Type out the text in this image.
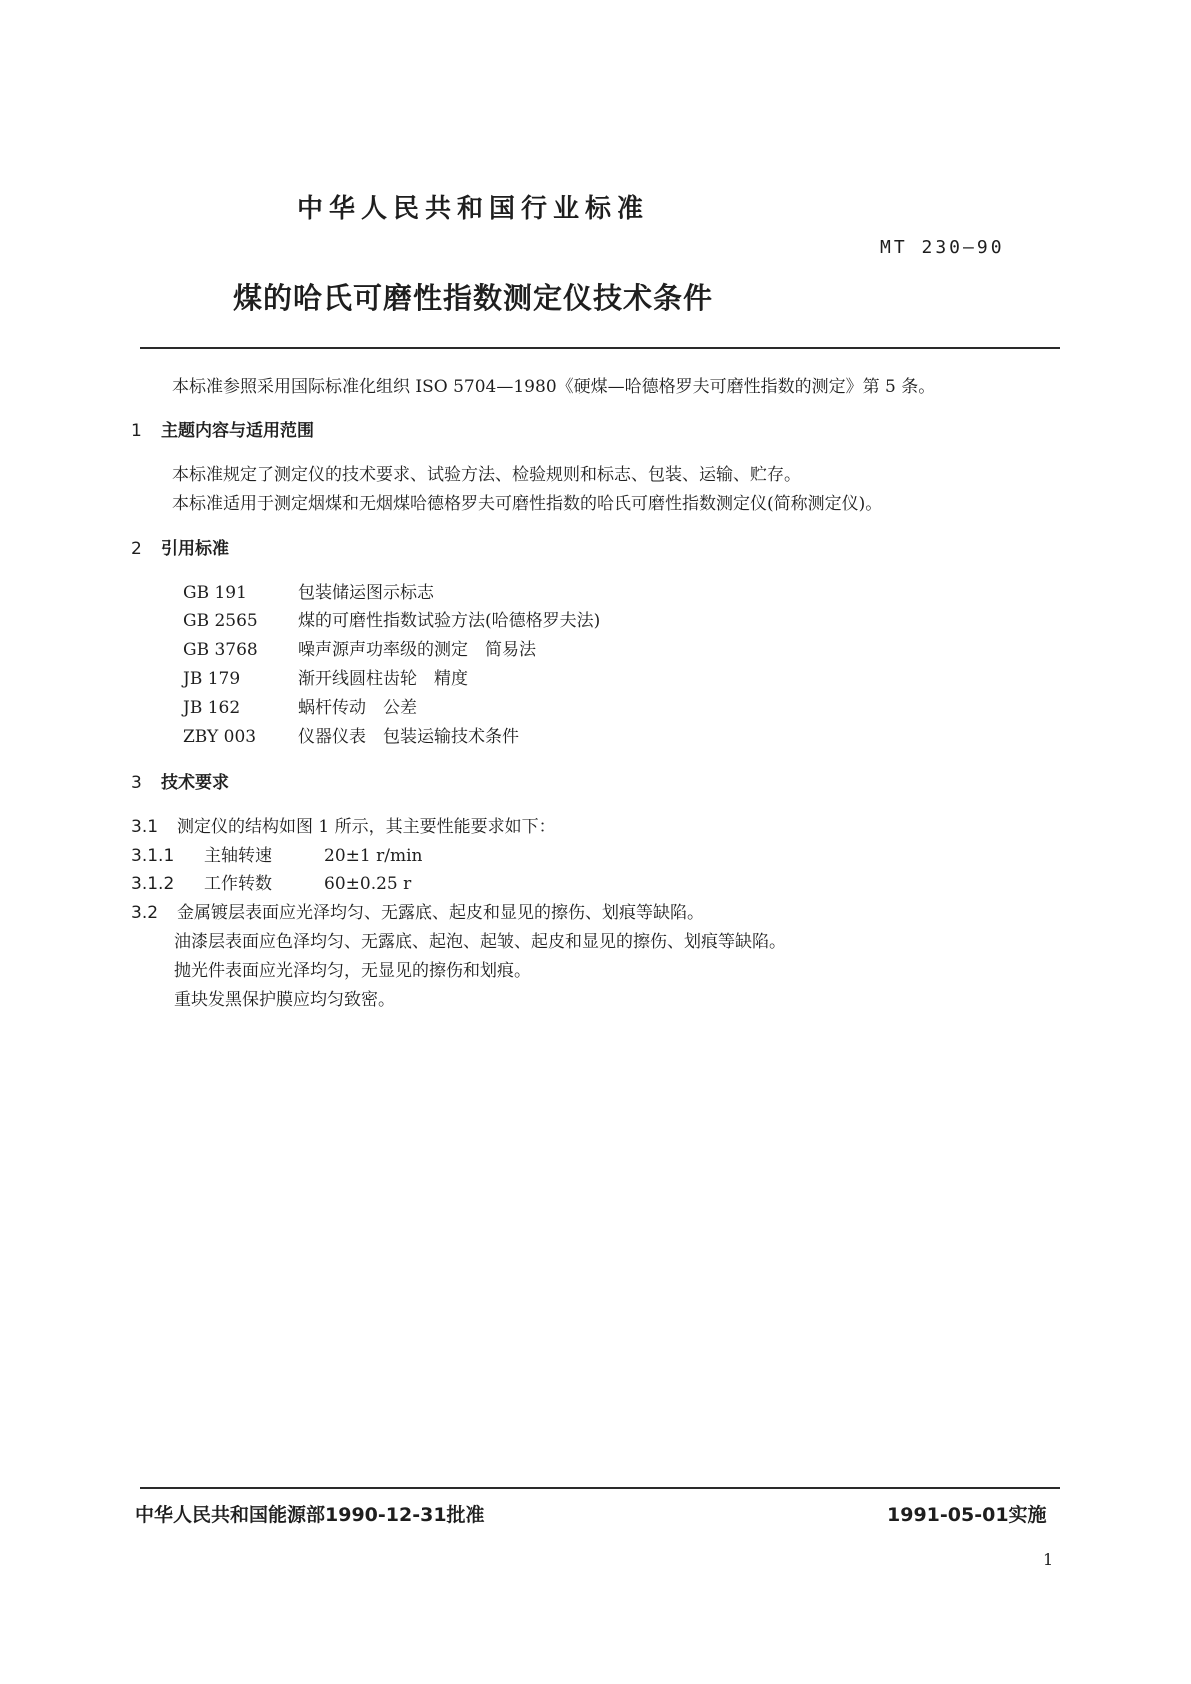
中华人民共和国行业标准
MT 230—90
煤的哈氏可磨性指数测定仪技术条件
本标准参照采用国际标准化组织 ISO 5704—1980《硬煤—哈德格罗夫可磨性指数的测定》第 5 条。
1 主题内容与适用范围
本标准规定了测定仪的技术要求、试验方法、检验规则和标志、包装、运输、贮存。
本标准适用于测定烟煤和无烟煤哈德格罗夫可磨性指数的哈氏可磨性指数测定仪(简称测定仪)。
2 引用标准
GB 191	包装储运图示标志
GB 2565 煤的可磨性指数试验方法(哈德格罗夫法)
GB 3768 噪声源声功率级的测定　简易法
JB 179	渐开线圆柱齿轮　精度
JB 162	蜗杆传动　公差
ZBY 003 仪器仪表　包装运输技术条件
3 技术要求
3.1 测定仪的结构如图 1 所示，其主要性能要求如下：
3.1.1 主轴转速	20±1 r/min
3.1.2 工作转数	60±0.25 r
3.2 金属镀层表面应光泽均匀、无露底、起皮和显见的擦伤、划痕等缺陷。
油漆层表面应色泽均匀、无露底、起泡、起皱、起皮和显见的擦伤、划痕等缺陷。
抛光件表面应光泽均匀，无显见的擦伤和划痕。
重块发黑保护膜应均匀致密。
中华人民共和国能源部1990-12-31批准	1991-05-01实施
1
